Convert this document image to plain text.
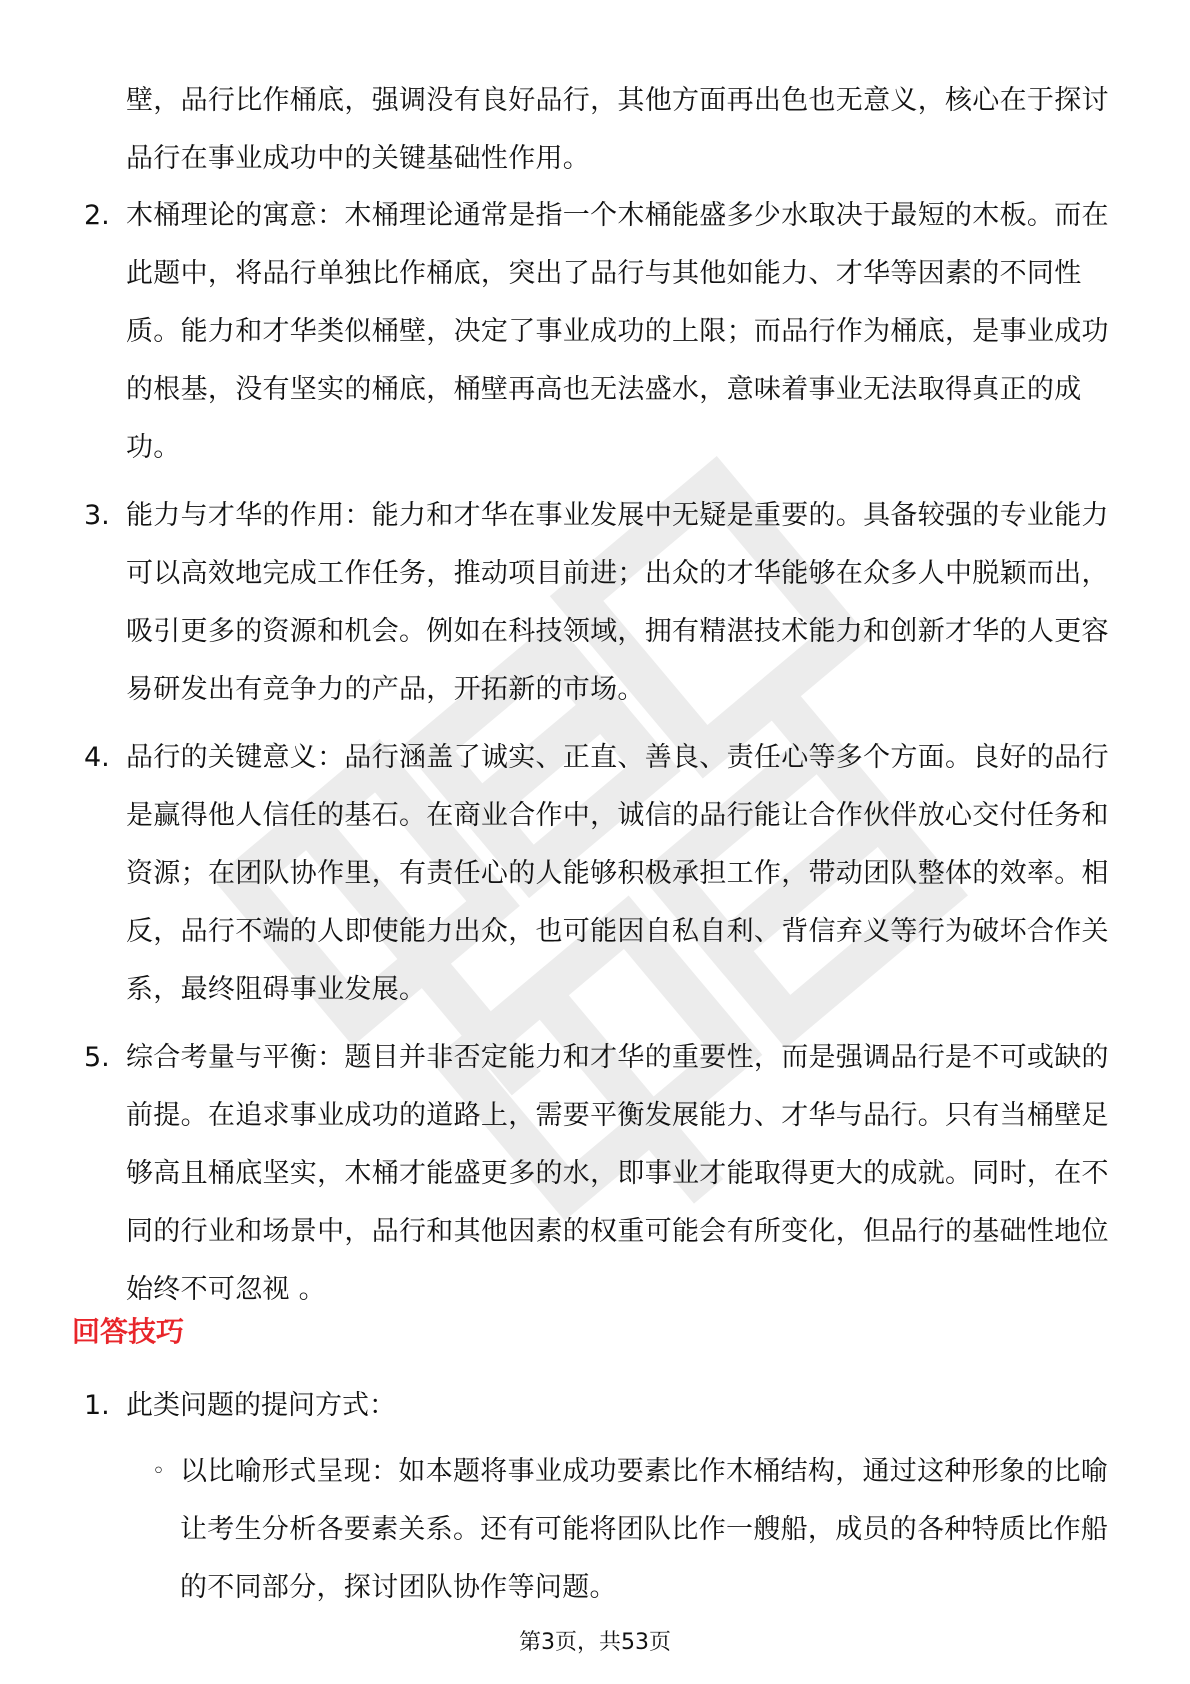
壁，品行比作桶底，强调没有良好品行，其他方面再出色也无意义，核心在于探讨品行在事业成功中的关键基础性作用。
2. 木桶理论的寓意：木桶理论通常是指一个木桶能盛多少水取决于最短的木板。而在此题中，将品行单独比作桶底，突出了品行与其他如能力、才华等因素的不同性质。能力和才华类似桶壁，决定了事业成功的上限；而品行作为桶底，是事业成功的根基，没有坚实的桶底，桶壁再高也无法盛水，意味着事业无法取得真正的成功。
3. 能力与才华的作用：能力和才华在事业发展中无疑是重要的。具备较强的专业能力可以高效地完成工作任务，推动项目前进；出众的才华能够在众多人中脱颖而出，吸引更多的资源和机会。例如在科技领域，拥有精湛技术能力和创新才华的人更容易研发出有竞争力的产品，开拓新的市场。
4. 品行的关键意义：品行涵盖了诚实、正直、善良、责任心等多个方面。良好的品行是赢得他人信任的基石。在商业合作中，诚信的品行能让合作伙伴放心交付任务和资源；在团队协作里，有责任心的人能够积极承担工作，带动团队整体的效率。相反，品行不端的人即使能力出众，也可能因自私自利、背信弃义等行为破坏合作关系，最终阻碍事业发展。
5. 综合考量与平衡：题目并非否定能力和才华的重要性，而是强调品行是不可或缺的前提。在追求事业成功的道路上，需要平衡发展能力、才华与品行。只有当桶壁足够高且桶底坚实，木桶才能盛更多的水，即事业才能取得更大的成就。同时，在不同的行业和场景中，品行和其他因素的权重可能会有所变化，但品行的基础性地位始终不可忽视 。
回答技巧
1. 此类问题的提问方式：
◦ 以比喻形式呈现：如本题将事业成功要素比作木桶结构，通过这种形象的比喻让考生分析各要素关系。还有可能将团队比作一艘船，成员的各种特质比作船的不同部分，探讨团队协作等问题。
第3页，共53页
